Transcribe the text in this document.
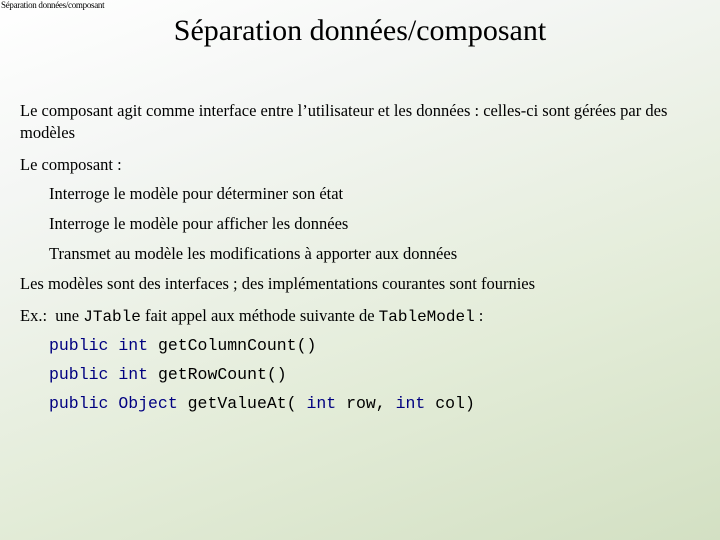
Séparation données/composant
Séparation données/composant

Le composant agit comme interface entre l’utilisateur et les données : celles-ci sont gérées par des modèles

Le composant :

Interroge le modèle pour déterminer son état

Interroge le modèle pour afficher les données

Transmet au modèle les modifications à apporter aux données

Les modèles sont des interfaces ; des implémentations courantes sont fournies

Ex.:  une JTable fait appel aux méthode suivante de TableModel :

public int getColumnCount()
public int getRowCount()
public Object getValueAt( int row, int col)
